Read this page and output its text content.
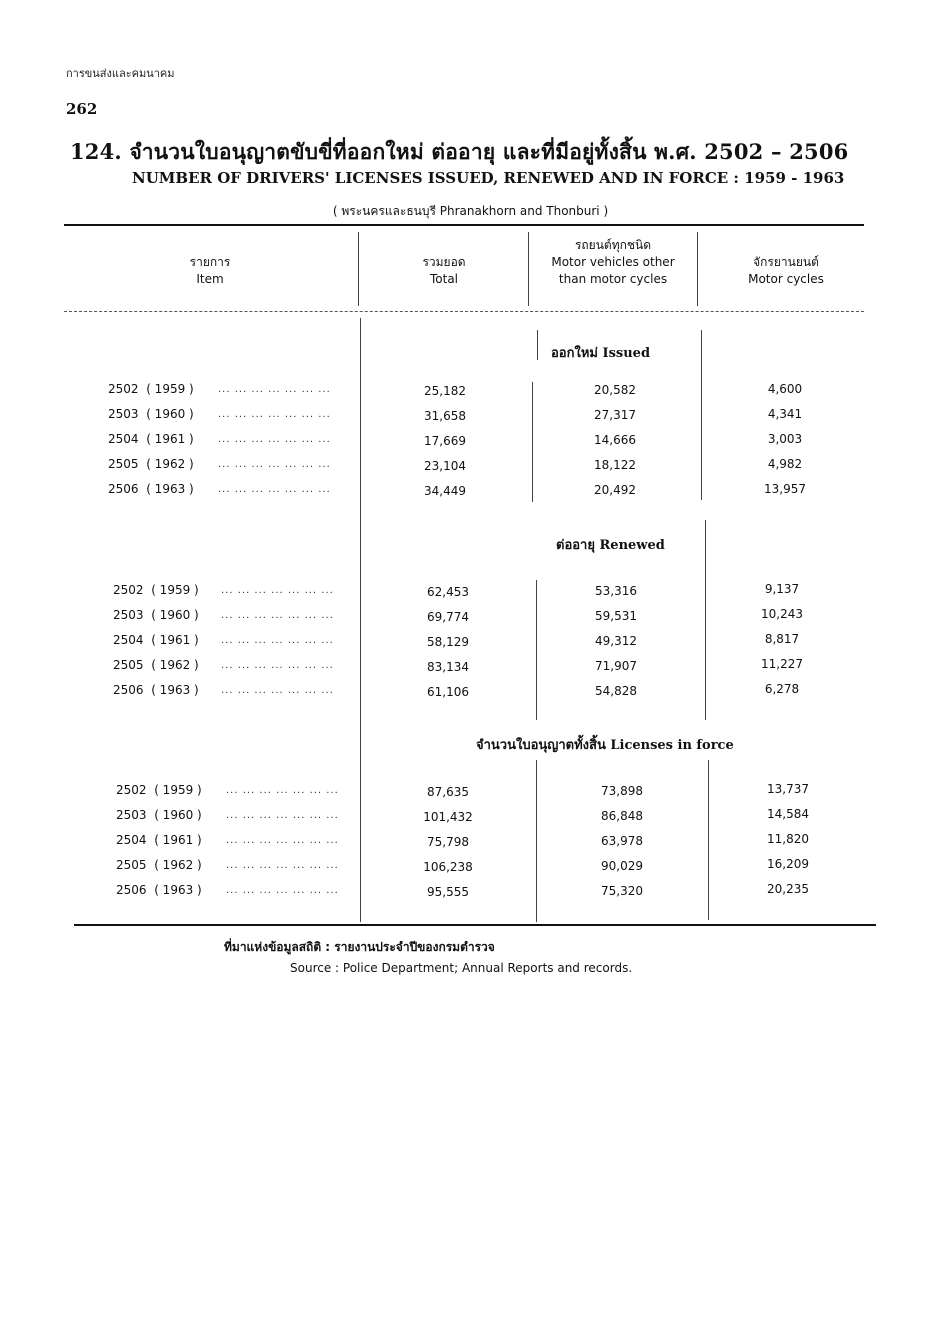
การขนส่งและคมนาคม
262
124. จำนวนใบอนุญาตขับขี่ที่ออกใหม่ ต่ออายุ และที่มีอยู่ทั้งสิ้น พ.ศ. 2502 – 2506
NUMBER OF DRIVERS' LICENSES ISSUED, RENEWED AND IN FORCE : 1959 - 1963
( พระนครและธนบุรี Phranakhorn and Thonburi )
รายการ
Item
รวมยอด
Total
รถยนต์ทุกชนิด
Motor vehicles other than motor cycles
จักรยานยนต์
Motor cycles
ออกใหม่ Issued
ต่ออายุ Renewed
จำนวนใบอนุญาตทั้งสิ้น Licenses in force
2502 ( 1959 ) ... ... ... ... ... ... ...	25,182	20,582	4,600
2503 ( 1960 ) ... ... ... ... ... ... ...	31,658	27,317	4,341
2504 ( 1961 ) ... ... ... ... ... ... ...	17,669	14,666	3,003
2505 ( 1962 ) ... ... ... ... ... ... ...	23,104	18,122	4,982
2506 ( 1963 ) ... ... ... ... ... ... ...	34,449	20,492	13,957
2502 ( 1959 ) ... ... ... ... ... ... ...	62,453	53,316	9,137
2503 ( 1960 ) ... ... ... ... ... ... ...	69,774	59,531	10,243
2504 ( 1961 ) ... ... ... ... ... ... ...	58,129	49,312	8,817
2505 ( 1962 ) ... ... ... ... ... ... ...	83,134	71,907	11,227
2506 ( 1963 ) ... ... ... ... ... ... ...	61,106	54,828	6,278
2502 ( 1959 ) ... ... ... ... ... ... ...	87,635	73,898	13,737
2503 ( 1960 ) ... ... ... ... ... ... ...	101,432	86,848	14,584
2504 ( 1961 ) ... ... ... ... ... ... ...	75,798	63,978	11,820
2505 ( 1962 ) ... ... ... ... ... ... ...	106,238	90,029	16,209
2506 ( 1963 ) ... ... ... ... ... ... ...	95,555	75,320	20,235
ที่มาแห่งข้อมูลสถิติ : รายงานประจำปีของกรมตำรวจ
Source : Police Department; Annual Reports and records.
